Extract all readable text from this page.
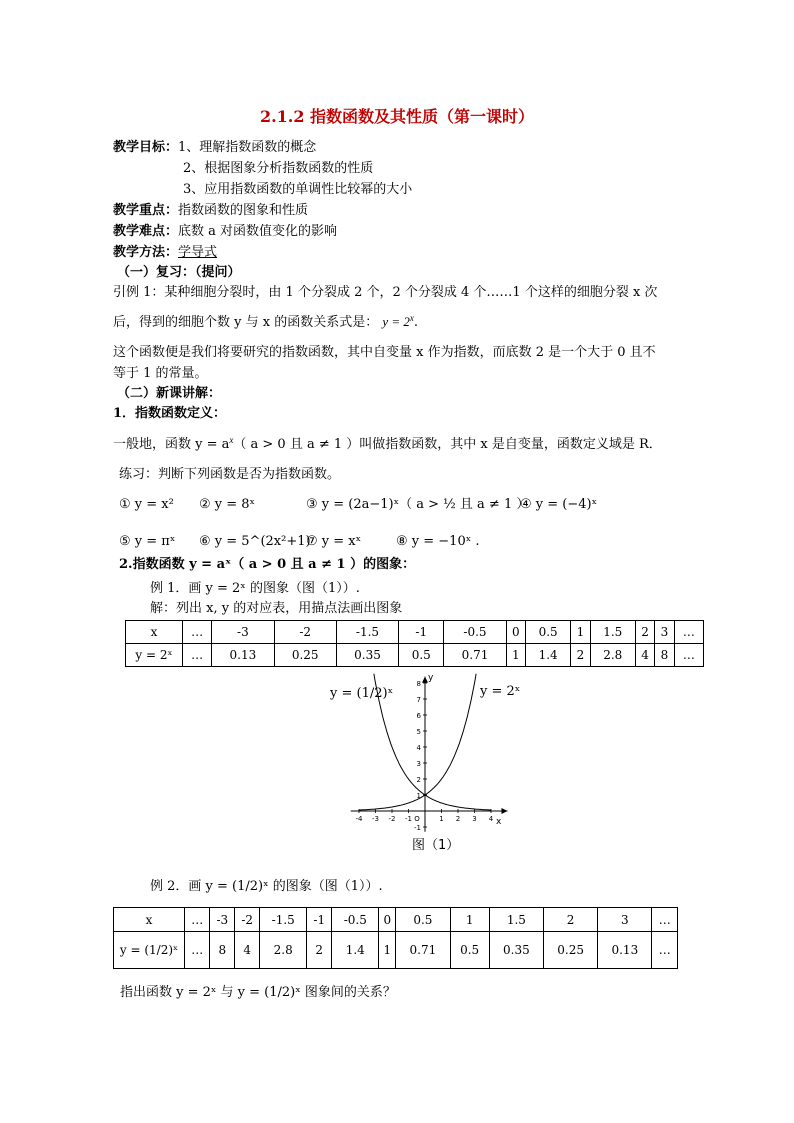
2.1.2 指数函数及其性质（第一课时）
教学目标：1、理解指数函数的概念
2、根据图象分析指数函数的性质
3、应用指数函数的单调性比较幂的大小
教学重点：指数函数的图象和性质
教学难点：底数 a 对函数值变化的影响
教学方法：学导式
（一）复习：（提问）
引例 1：某种细胞分裂时，由 1 个分裂成 2 个，2 个分裂成 4 个……1 个这样的细胞分裂 x 次
后，得到的细胞个数 y 与 x 的函数关系式是： $y = 2^x$.
这个函数便是我们将要研究的指数函数，其中自变量 x 作为指数，而底数 2 是一个大于 0 且不
等于 1 的常量。
（二）新课讲解：
1．指数函数定义：
一般地，函数 $y = a^x$（ a > 0 且 a ≠ 1 ）叫做指数函数，其中 x 是自变量，函数定义域是 R．
练习：判断下列函数是否为指数函数。
① y = x² ② y = 8ˣ	③ y = (2a−1)ˣ（ a > ½ 且 a ≠ 1 ）
④ y = (−4)ˣ
⑤ y = πˣ ⑥ y = 5^(2x²+1)
⑦ y = xˣ	⑧ y = −10ˣ .
2.指数函数 y = aˣ（ a > 0 且 a ≠ 1 ）的图象：
例 1．画 y = 2ˣ 的图象（图（1））.
解：列出 x, y 的对应表，用描点法画出图象
x	…	-3	-2	-1.5	-1	-0.5	0	0.5	1	1.5	2	3	…
y = 2ˣ	…	0.13	0.25	0.35	0.5	0.71	1	1.4	2	2.8	4	8	…
y = (1/2)ˣ	y = 2ˣ
y
x
-4 -3 -2 -1 O	1 2 3 4
8
7
6
5
4
3
2
1
-1
图（1）
例 2．画 y = (1/2)ˣ 的图象（图（1））.
x	…	-3	-2	-1.5	-1	-0.5	0	0.5	1	1.5	2	3	…
y = (1/2)ˣ	…	8	4	2.8	2	1.4	1	0.71	0.5	0.35	0.25	0.13	…
指出函数 y = 2ˣ 与 y = (1/2)ˣ 图象间的关系？
